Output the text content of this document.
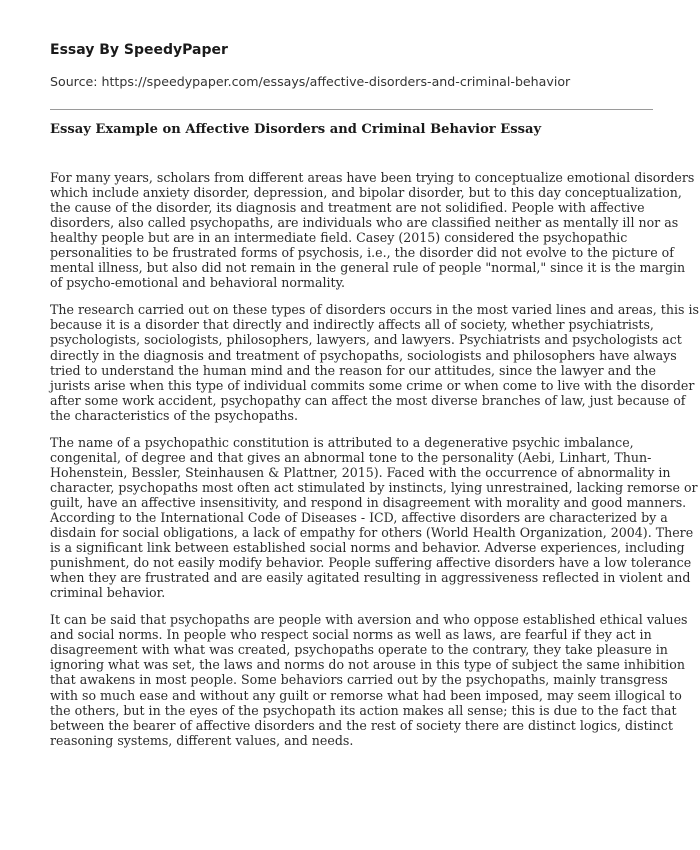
Essay By SpeedyPaper
Source: https://speedypaper.com/essays/affective-disorders-and-criminal-behavior
Essay Example on Affective Disorders and Criminal Behavior Essay

For many years, scholars from different areas have been trying to conceptualize emotional disorders
which include anxiety disorder, depression, and bipolar disorder, but to this day conceptualization,
the cause of the disorder, its diagnosis and treatment are not solidified. People with affective
disorders, also called psychopaths, are individuals who are classified neither as mentally ill nor as
healthy people but are in an intermediate field. Casey (2015) considered the psychopathic
personalities to be frustrated forms of psychosis, i.e., the disorder did not evolve to the picture of
mental illness, but also did not remain in the general rule of people "normal," since it is the margin
of psycho-emotional and behavioral normality.

The research carried out on these types of disorders occurs in the most varied lines and areas, this is
because it is a disorder that directly and indirectly affects all of society, whether psychiatrists,
psychologists, sociologists, philosophers, lawyers, and lawyers. Psychiatrists and psychologists act
directly in the diagnosis and treatment of psychopaths, sociologists and philosophers have always
tried to understand the human mind and the reason for our attitudes, since the lawyer and the
jurists arise when this type of individual commits some crime or when come to live with the disorder
after some work accident, psychopathy can affect the most diverse branches of law, just because of
the characteristics of the psychopaths.

The name of a psychopathic constitution is attributed to a degenerative psychic imbalance,
congenital, of degree and that gives an abnormal tone to the personality (Aebi, Linhart, Thun-
Hohenstein, Bessler, Steinhausen & Plattner, 2015). Faced with the occurrence of abnormality in
character, psychopaths most often act stimulated by instincts, lying unrestrained, lacking remorse or
guilt, have an affective insensitivity, and respond in disagreement with morality and good manners.
According to the International Code of Diseases - ICD, affective disorders are characterized by a
disdain for social obligations, a lack of empathy for others (World Health Organization, 2004). There
is a significant link between established social norms and behavior. Adverse experiences, including
punishment, do not easily modify behavior. People suffering affective disorders have a low tolerance
when they are frustrated and are easily agitated resulting in aggressiveness reflected in violent and
criminal behavior.

It can be said that psychopaths are people with aversion and who oppose established ethical values
and social norms. In people who respect social norms as well as laws, are fearful if they act in
disagreement with what was created, psychopaths operate to the contrary, they take pleasure in
ignoring what was set, the laws and norms do not arouse in this type of subject the same inhibition
that awakens in most people. Some behaviors carried out by the psychopaths, mainly transgress
with so much ease and without any guilt or remorse what had been imposed, may seem illogical to
the others, but in the eyes of the psychopath its action makes all sense; this is due to the fact that
between the bearer of affective disorders and the rest of society there are distinct logics, distinct
reasoning systems, different values, and needs.
